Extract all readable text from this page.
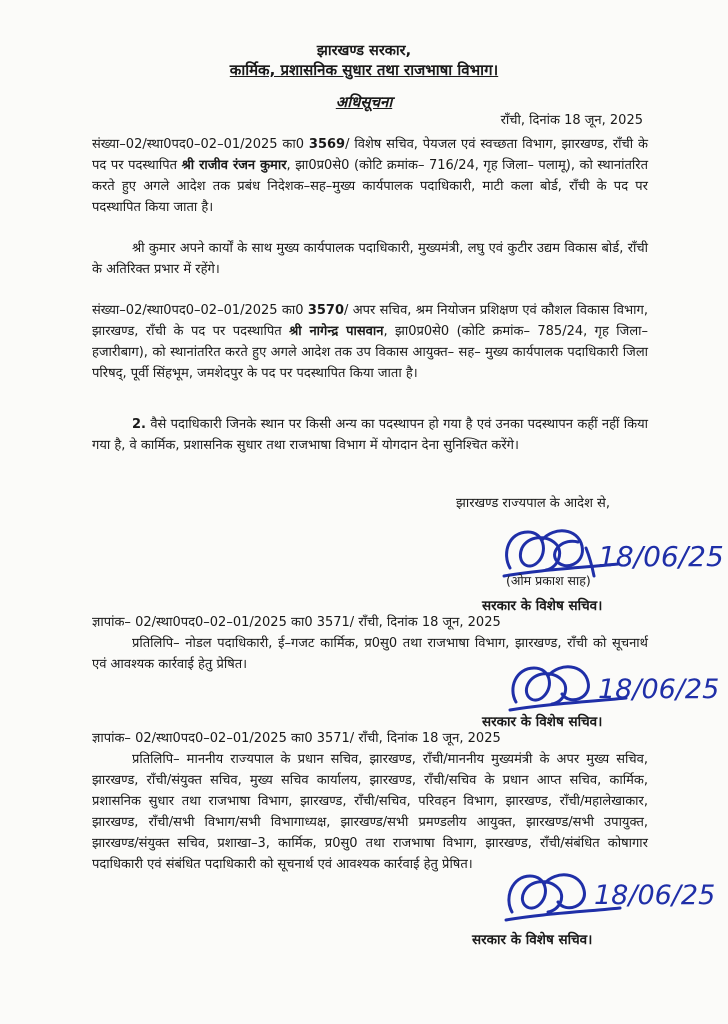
झारखण्ड सरकार,
कार्मिक, प्रशासनिक सुधार तथा राजभाषा विभाग।
अधिसूचना
राँची, दिनांक 18 जून, 2025
संख्या–02/स्था0पद0–02–01/2025 का0 3569/ विशेष सचिव, पेयजल एवं स्वच्छता विभाग, झारखण्ड, राँची के पद पर पदस्थापित श्री राजीव रंजन कुमार, झा0प्र0से0 (कोटि क्रमांक– 716/24, गृह जिला– पलामू), को स्थानांतरित करते हुए अगले आदेश तक प्रबंध निदेशक–सह–मुख्य कार्यपालक पदाधिकारी, माटी कला बोर्ड, राँची के पद पर पदस्थापित किया जाता है।
श्री कुमार अपने कार्यों के साथ मुख्य कार्यपालक पदाधिकारी, मुख्यमंत्री, लघु एवं कुटीर उद्यम विकास बोर्ड, राँची के अतिरिक्त प्रभार में रहेंगे।
संख्या–02/स्था0पद0–02–01/2025 का0 3570/ अपर सचिव, श्रम नियोजन प्रशिक्षण एवं कौशल विकास विभाग, झारखण्ड, राँची के पद पर पदस्थापित श्री नागेन्द्र पासवान, झा0प्र0से0 (कोटि क्रमांक– 785/24, गृह जिला– हजारीबाग), को स्थानांतरित करते हुए अगले आदेश तक उप विकास आयुक्त– सह– मुख्य कार्यपालक पदाधिकारी जिला परिषद्, पूर्वी सिंहभूम, जमशेदपुर के पद पर पदस्थापित किया जाता है।
2. वैसे पदाधिकारी जिनके स्थान पर किसी अन्य का पदस्थापन हो गया है एवं उनका पदस्थापन कहीं नहीं किया गया है, वे कार्मिक, प्रशासनिक सुधार तथा राजभाषा विभाग में योगदान देना सुनिश्चित करेंगे।
झारखण्ड राज्यपाल के आदेश से,
18/06/25
(ओम प्रकाश साह)
सरकार के विशेष सचिव।
ज्ञापांक– 02/स्था0पद0–02–01/2025 का0 3571/ राँची, दिनांक 18 जून, 2025
प्रतिलिपि– नोडल पदाधिकारी, ई–गजट कार्मिक, प्र0सु0 तथा राजभाषा विभाग, झारखण्ड, राँची को सूचनार्थ एवं आवश्यक कार्रवाई हेतु प्रेषित।
18/06/25
सरकार के विशेष सचिव।
ज्ञापांक– 02/स्था0पद0–02–01/2025 का0 3571/ राँची, दिनांक 18 जून, 2025
प्रतिलिपि– माननीय राज्यपाल के प्रधान सचिव, झारखण्ड, राँची/माननीय मुख्यमंत्री के अपर मुख्य सचिव, झारखण्ड, राँची/संयुक्त सचिव, मुख्य सचिव कार्यालय, झारखण्ड, राँची/सचिव के प्रधान आप्त सचिव, कार्मिक, प्रशासनिक सुधार तथा राजभाषा विभाग, झारखण्ड, राँची/सचिव, परिवहन विभाग, झारखण्ड, राँची/महालेखाकार, झारखण्ड, राँची/सभी विभाग/सभी विभागाध्यक्ष, झारखण्ड/सभी प्रमण्डलीय आयुक्त, झारखण्ड/सभी उपायुक्त, झारखण्ड/संयुक्त सचिव, प्रशाखा–3, कार्मिक, प्र0सु0 तथा राजभाषा विभाग, झारखण्ड, राँची/संबंधित कोषागार पदाधिकारी एवं संबंधित पदाधिकारी को सूचनार्थ एवं आवश्यक कार्रवाई हेतु प्रेषित।
18/06/25
सरकार के विशेष सचिव।
